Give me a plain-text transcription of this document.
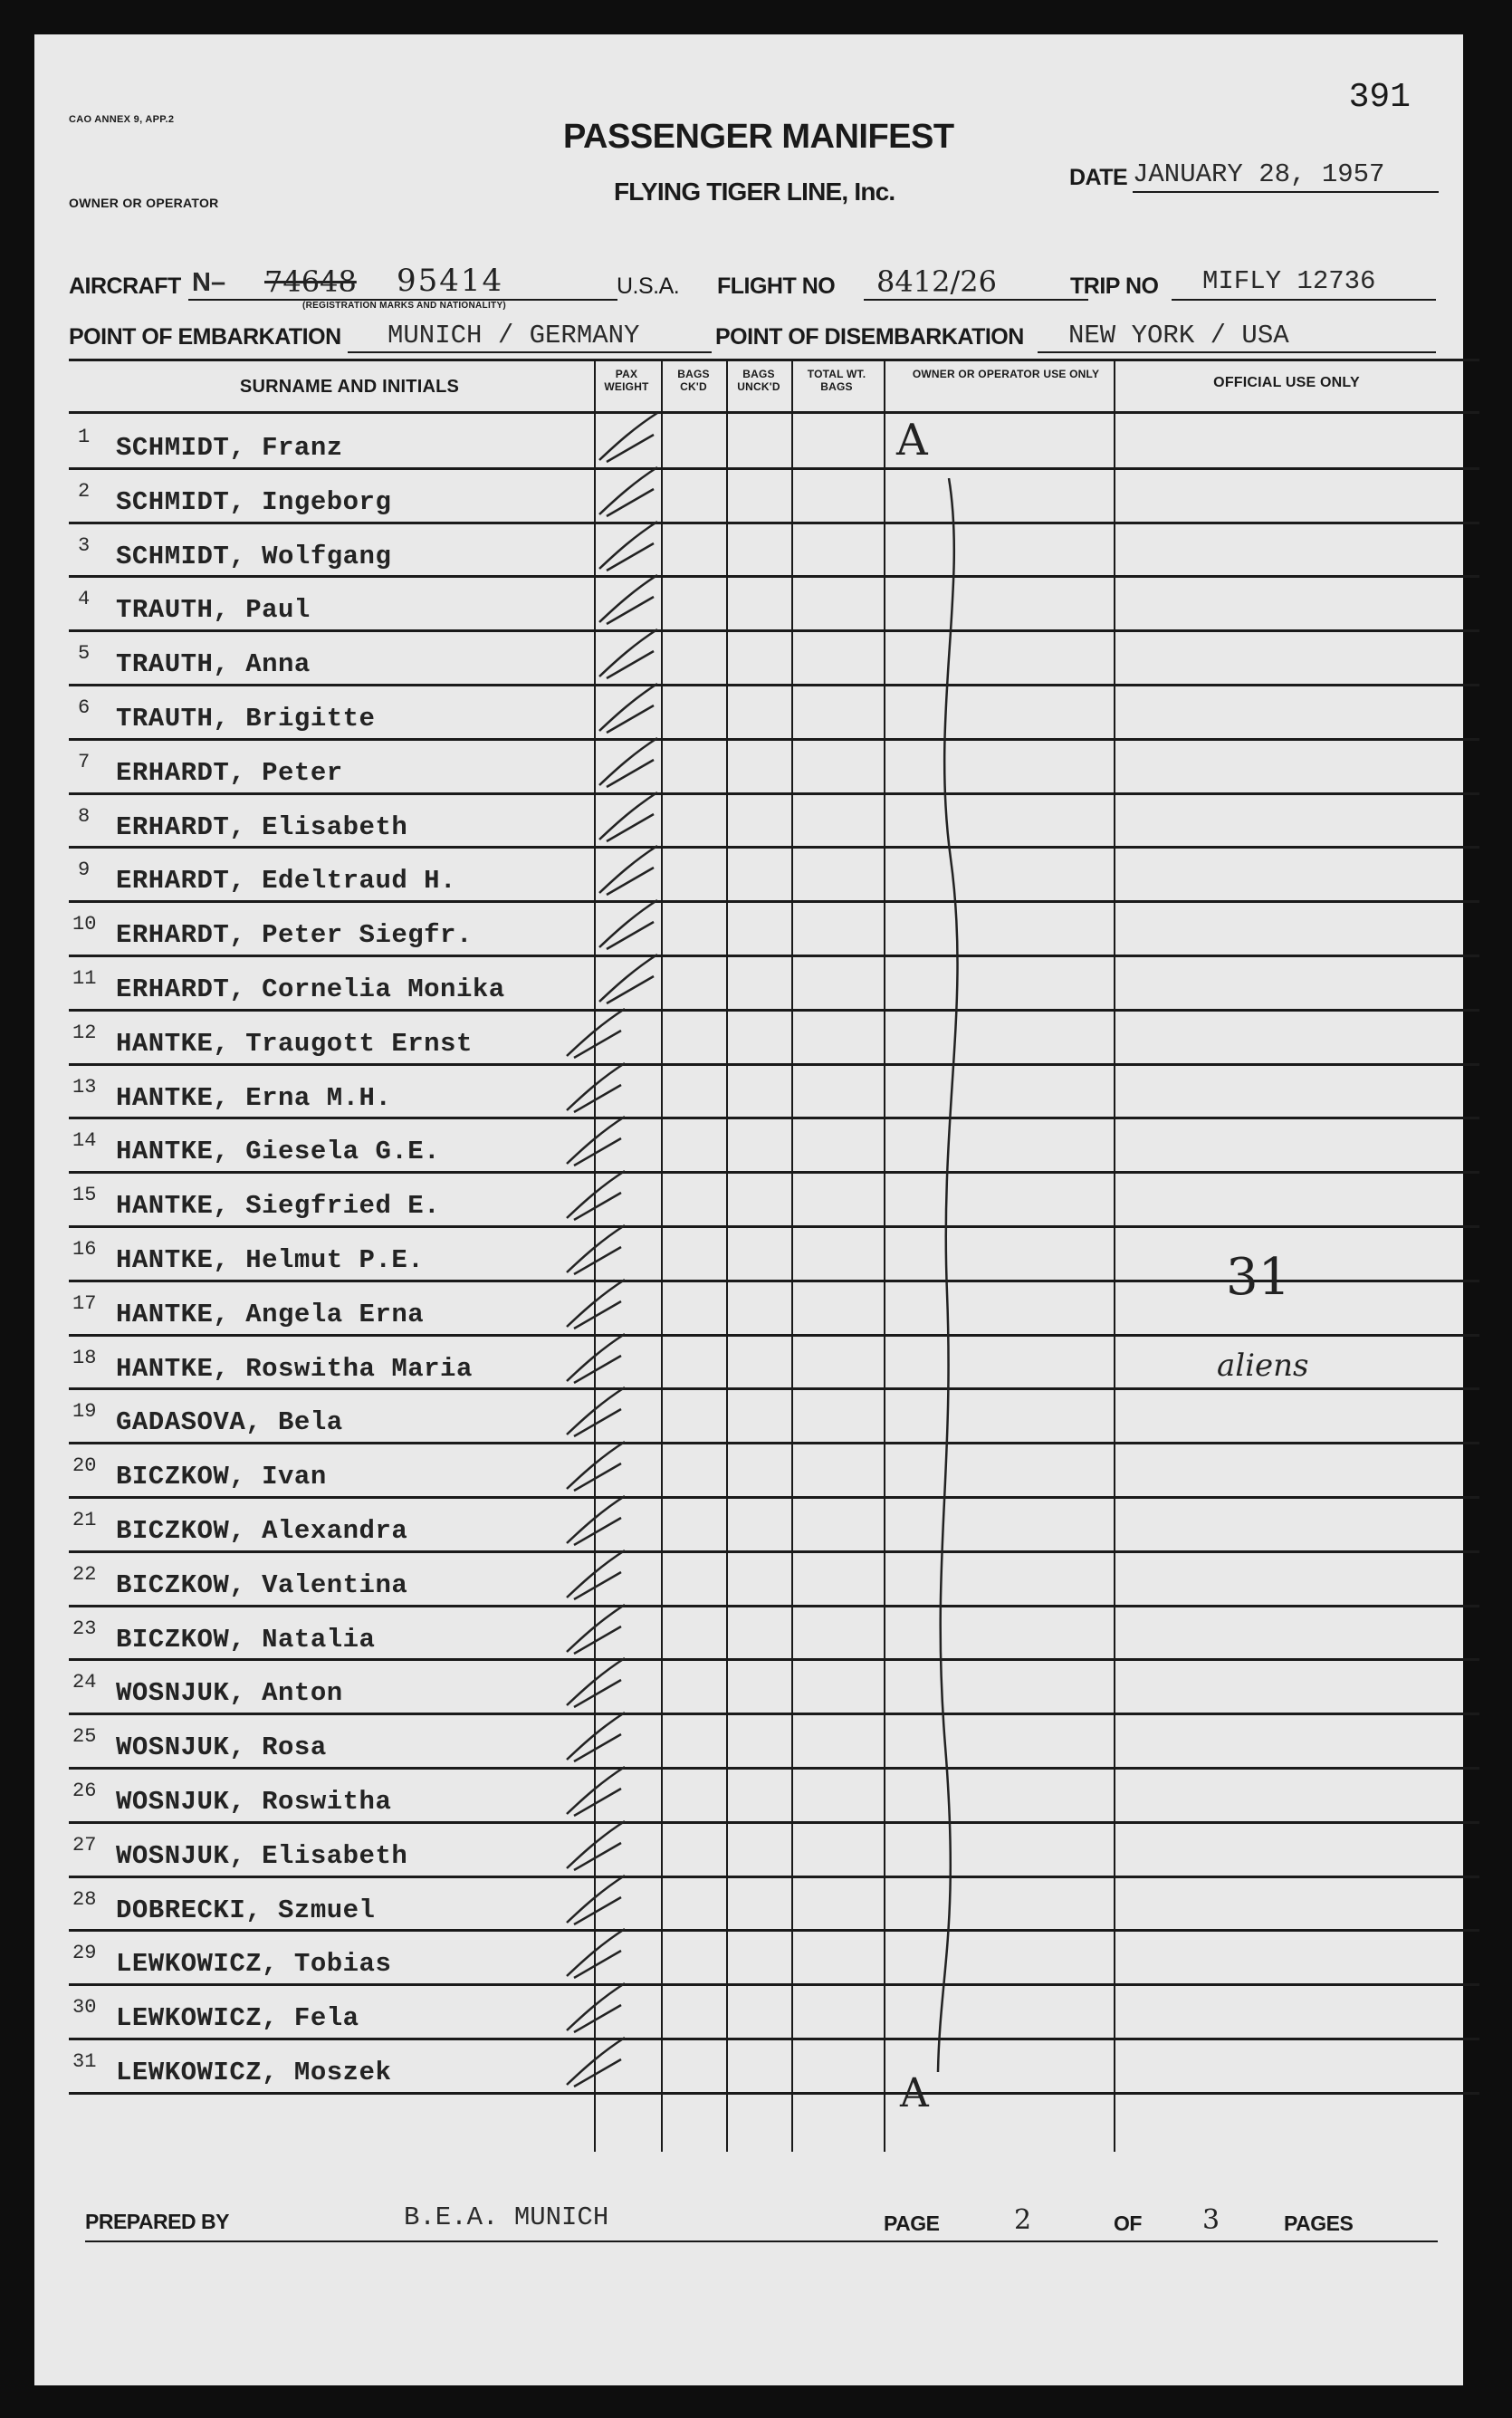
391
CAO ANNEX 9, APP.2	PASSENGER MANIFEST
FLYING TIGER LINE, Inc.
OWNER OR OPERATOR
DATE JANUARY 28, 1957
AIRCRAFT N– 74648 95414
(REGISTRATION MARKS AND NATIONALITY)
U.S.A. FLIGHT NO 8412/26	TRIP NO MIFLY 12736
POINT OF EMBARKATION MUNICH / GERMANY	POINT OF DISEMBARKATION NEW YORK / USA
SURNAME AND INITIALS
PAX WEIGHT
BAGS CK'D
BAGS UNCK'D
TOTAL WT. BAGS
OWNER OR OPERATOR USE ONLY
OFFICIAL USE ONLY
1 SCHMIDT, Franz
2 SCHMIDT, Ingeborg
3 SCHMIDT, Wolfgang
4 TRAUTH, Paul
5 TRAUTH, Anna
6 TRAUTH, Brigitte
7 ERHARDT, Peter
8 ERHARDT, Elisabeth
9 ERHARDT, Edeltraud H.
10 ERHARDT, Peter Siegfr.
11 ERHARDT, Cornelia Monika
12 HANTKE, Traugott Ernst
13 HANTKE, Erna M.H.
14 HANTKE, Giesela G.E.
15 HANTKE, Siegfried E.
16 HANTKE, Helmut P.E.
17 HANTKE, Angela Erna
18 HANTKE, Roswitha Maria
19 GADASOVA, Bela
20 BICZKOW, Ivan
21 BICZKOW, Alexandra
22 BICZKOW, Valentina
23 BICZKOW, Natalia
24 WOSNJUK, Anton
25 WOSNJUK, Rosa
26 WOSNJUK, Roswitha
27 WOSNJUK, Elisabeth
28 DOBRECKI, Szmuel
29 LEWKOWICZ, Tobias
30 LEWKOWICZ, Fela
31 LEWKOWICZ, Moszek
A
A
31
aliens
PREPARED BY	B.E.A. MUNICH	PAGE	2	OF 3	PAGES
